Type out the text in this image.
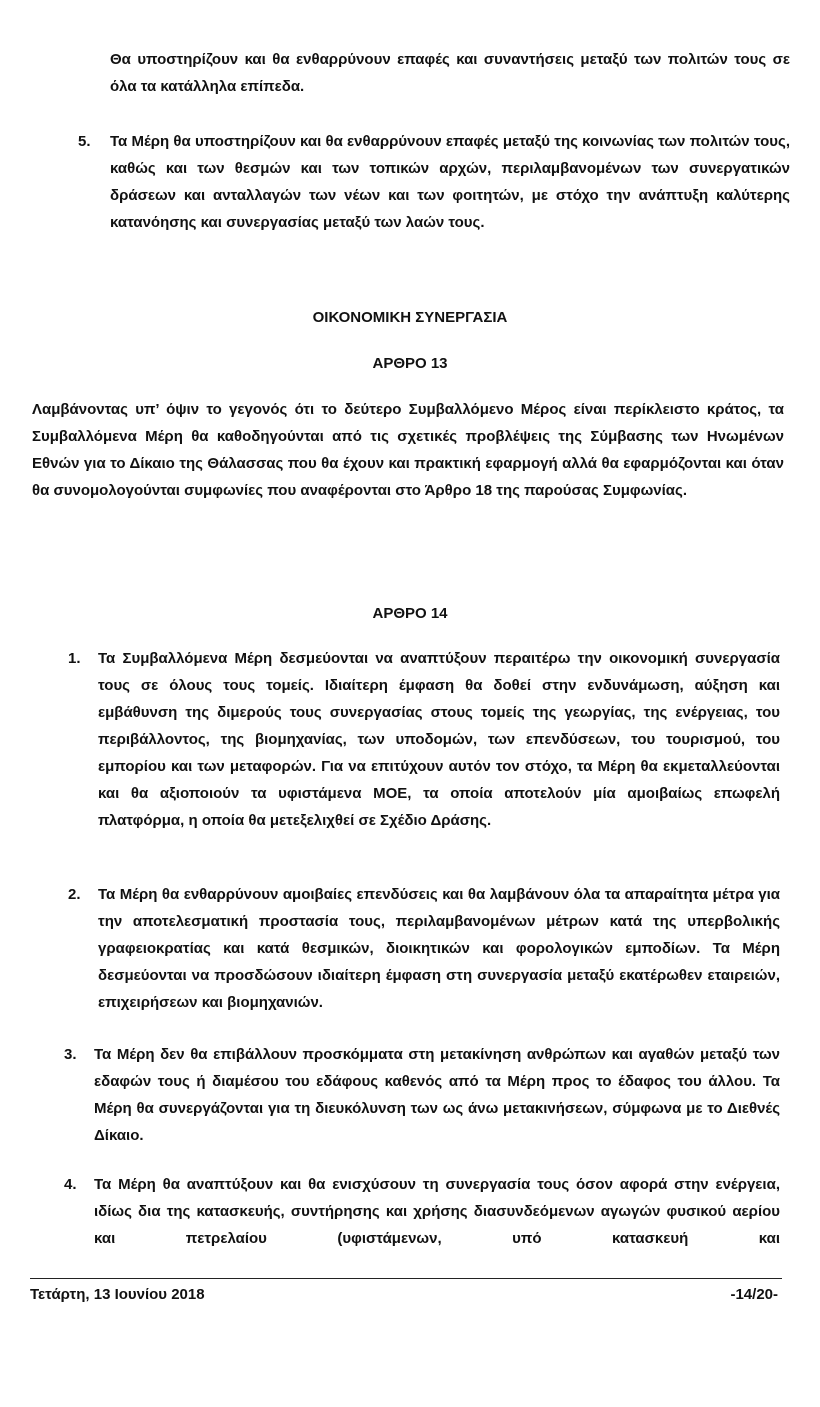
Θα υποστηρίζουν και θα ενθαρρύνουν επαφές και συναντήσεις μεταξύ των πολιτών τους σε όλα τα κατάλληλα επίπεδα.
5. Τα Μέρη θα υποστηρίζουν και θα ενθαρρύνουν επαφές μεταξύ της κοινωνίας των πολιτών τους, καθώς και των θεσμών και των τοπικών αρχών, περιλαμβανομένων των συνεργατικών δράσεων και ανταλλαγών των νέων και των φοιτητών, με στόχο την ανάπτυξη καλύτερης κατανόησης και συνεργασίας μεταξύ των λαών τους.
ΟΙΚΟΝΟΜΙΚΗ ΣΥΝΕΡΓΑΣΙΑ
ΑΡΘΡΟ 13
Λαμβάνοντας υπ’ όψιν το γεγονός ότι το δεύτερο Συμβαλλόμενο Μέρος είναι περίκλειστο κράτος, τα Συμβαλλόμενα Μέρη θα καθοδηγούνται από τις σχετικές προβλέψεις της Σύμβασης των Ηνωμένων Εθνών για το Δίκαιο της Θάλασσας που θα έχουν και πρακτική εφαρμογή αλλά θα εφαρμόζονται και όταν θα συνομολογούνται συμφωνίες που αναφέρονται στο Άρθρο 18 της παρούσας Συμφωνίας.
ΑΡΘΡΟ 14
1. Τα Συμβαλλόμενα Μέρη δεσμεύονται να αναπτύξουν περαιτέρω την οικονομική συνεργασία τους σε όλους τους τομείς. Ιδιαίτερη έμφαση θα δοθεί στην ενδυνάμωση, αύξηση και εμβάθυνση της διμερούς τους συνεργασίας στους τομείς της γεωργίας, της ενέργειας, του περιβάλλοντος, της βιομηχανίας, των υποδομών, των επενδύσεων, του τουρισμού, του εμπορίου και των μεταφορών. Για να επιτύχουν αυτόν τον στόχο, τα Μέρη θα εκμεταλλεύονται και θα αξιοποιούν τα υφιστάμενα ΜΟΕ, τα οποία αποτελούν μία αμοιβαίως επωφελή πλατφόρμα, η οποία θα μετεξελιχθεί σε Σχέδιο Δράσης.
2. Τα Μέρη θα ενθαρρύνουν αμοιβαίες επενδύσεις και θα λαμβάνουν όλα τα απαραίτητα μέτρα για την αποτελεσματική προστασία τους, περιλαμβανομένων μέτρων κατά της υπερβολικής γραφειοκρατίας και κατά θεσμικών, διοικητικών και φορολογικών εμποδίων. Τα Μέρη δεσμεύονται να προσδώσουν ιδιαίτερη έμφαση στη συνεργασία μεταξύ εκατέρωθεν εταιρειών, επιχειρήσεων και βιομηχανιών.
3. Τα Μέρη δεν θα επιβάλλουν προσκόμματα στη μετακίνηση ανθρώπων και αγαθών μεταξύ των εδαφών τους ή διαμέσου του εδάφους καθενός από τα Μέρη προς το έδαφος του άλλου. Τα Μέρη θα συνεργάζονται για τη διευκόλυνση των ως άνω μετακινήσεων, σύμφωνα με το Διεθνές Δίκαιο.
4. Τα Μέρη θα αναπτύξουν και θα ενισχύσουν τη συνεργασία τους όσον αφορά στην ενέργεια, ιδίως δια της κατασκευής, συντήρησης και χρήσης διασυνδεόμενων αγωγών φυσικού αερίου και πετρελαίου (υφιστάμενων, υπό κατασκευή και
Τετάρτη, 13 Ιουνίου 2018	-14/20-
